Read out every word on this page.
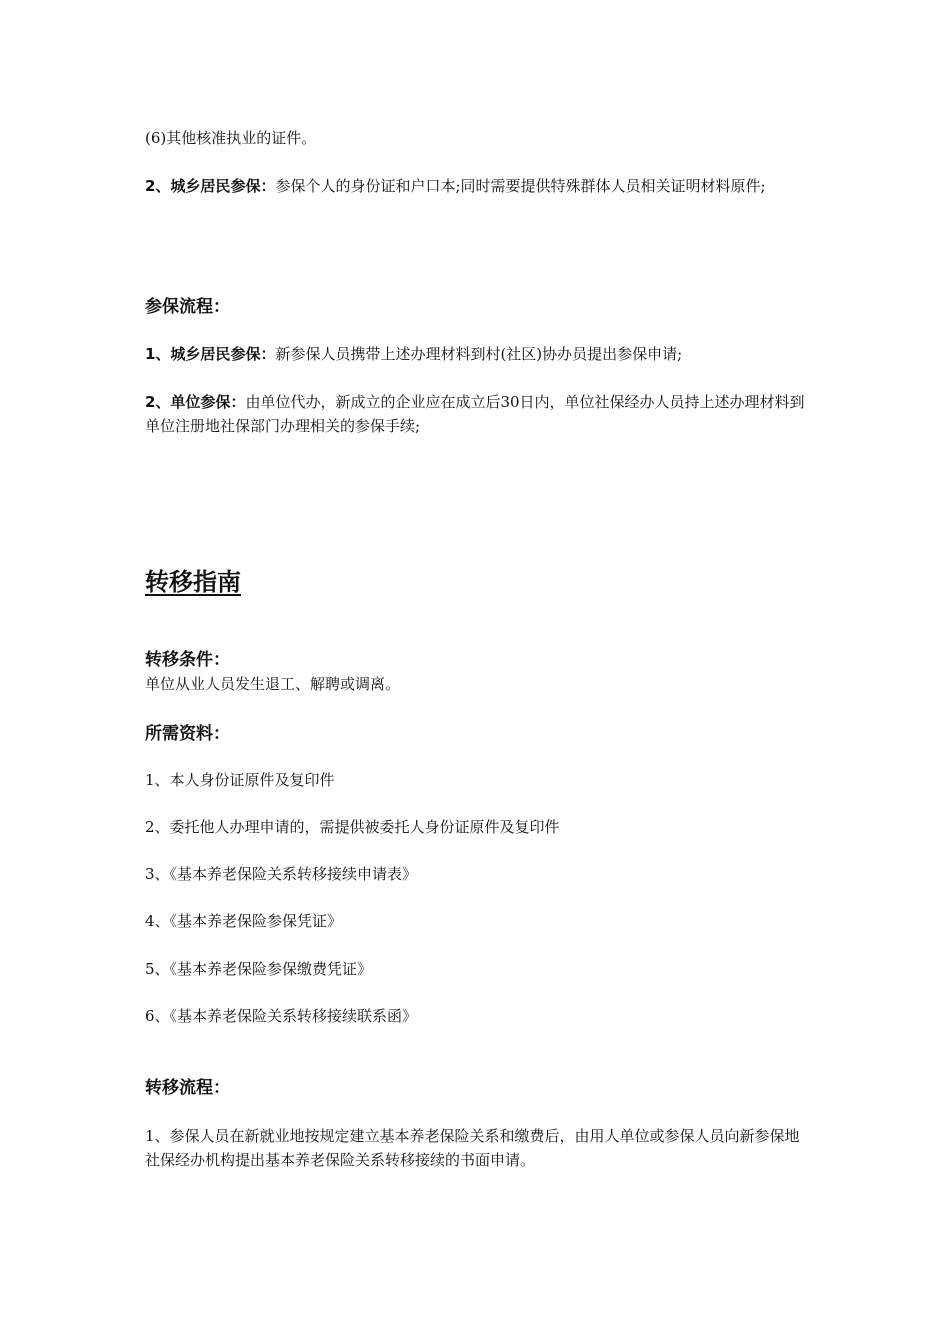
(6)其他核准执业的证件。
2、城乡居民参保：参保个人的身份证和户口本;同时需要提供特殊群体人员相关证明材料原件;
参保流程：
1、城乡居民参保：新参保人员携带上述办理材料到村(社区)协办员提出参保申请;
2、单位参保：由单位代办，新成立的企业应在成立后30日内，单位社保经办人员持上述办理材料到单位注册地社保部门办理相关的参保手续;
转移指南
转移条件：
单位从业人员发生退工、解聘或调离。
所需资料：
1、本人身份证原件及复印件
2、委托他人办理申请的，需提供被委托人身份证原件及复印件
3、《基本养老保险关系转移接续申请表》
4、《基本养老保险参保凭证》
5、《基本养老保险参保缴费凭证》
6、《基本养老保险关系转移接续联系函》
转移流程：
1、参保人员在新就业地按规定建立基本养老保险关系和缴费后，由用人单位或参保人员向新参保地社保经办机构提出基本养老保险关系转移接续的书面申请。
